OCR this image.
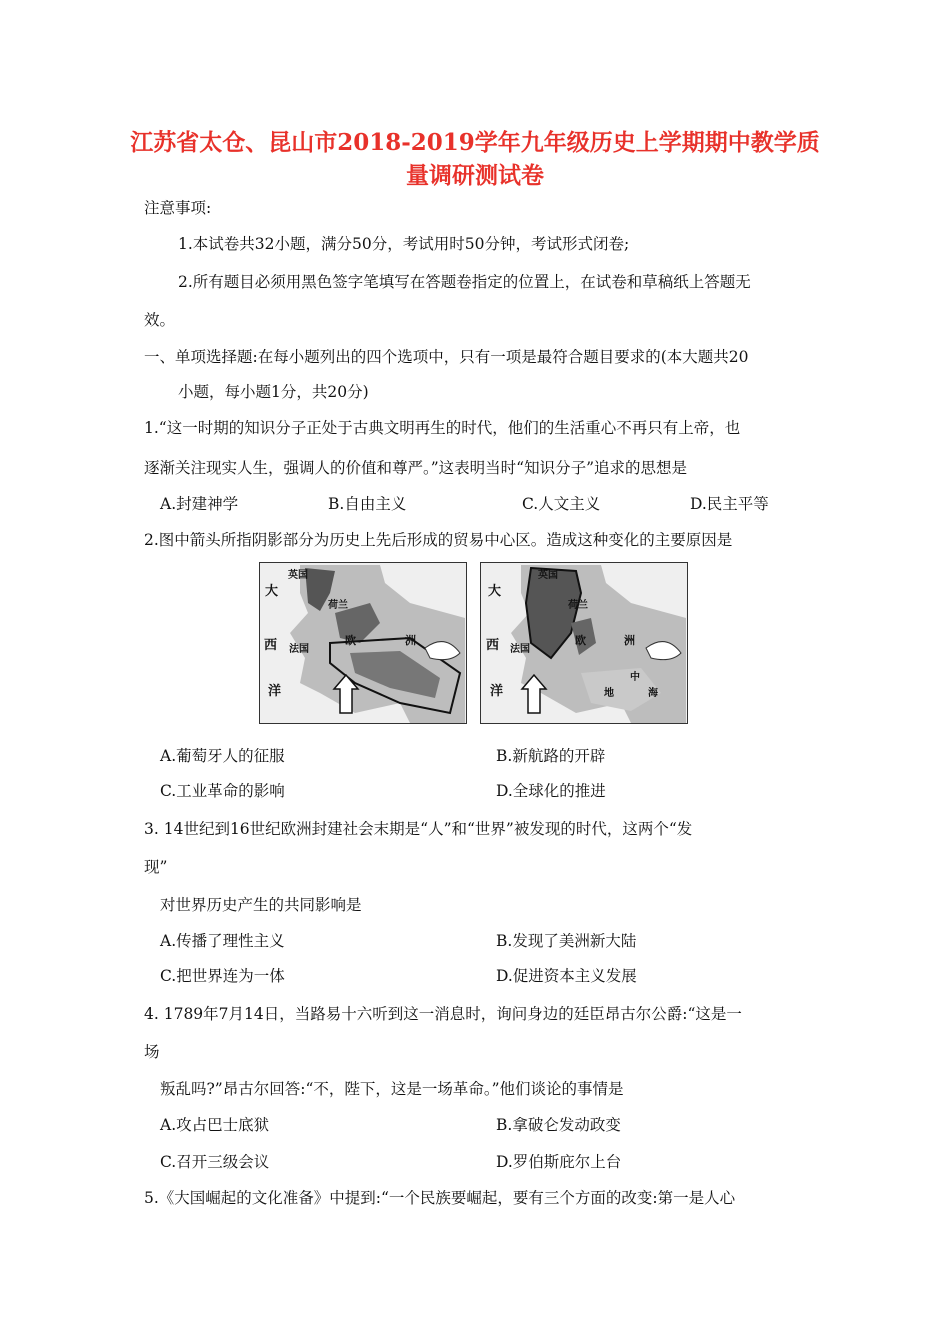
江苏省太仓、昆山市2018-2019学年九年级历史上学期期中教学质
量调研测试卷
注意事项:
1.本试卷共32小题，满分50分，考试用时50分钟，考试形式闭卷;
2.所有题目必须用黑色签字笔填写在答题卷指定的位置上，在试卷和草稿纸上答题无
效。
一、单项选择题:在每小题列出的四个选项中，只有一项是最符合题目要求的(本大题共20
小题，每小题1分，共20分)
1.“这一时期的知识分子正处于古典文明再生的时代，他们的生活重心不再只有上帝，也
逐渐关注现实人生，强调人的价值和尊严。”这表明当时“知识分子”追求的思想是
A.封建神学	B.自由主义	C.人文主义	D.民主平等
2.图中箭头所指阴影部分为历史上先后形成的贸易中心区。造成这种变化的主要原因是
英国
大
荷兰
西 法国
欧	洲
洋
英国
大
荷兰
西 法国
欧	洲
洋	地
中
海
A.葡萄牙人的征服	B.新航路的开辟
C.工业革命的影响	D.全球化的推进
3. 14世纪到16世纪欧洲封建社会末期是“人”和“世界”被发现的时代，这两个“发
现”
对世界历史产生的共同影响是
A.传播了理性主义	B.发现了美洲新大陆
C.把世界连为一体	D.促进资本主义发展
4. 1789年7月14日，当路易十六听到这一消息时，询问身边的廷臣昂古尔公爵:“这是一
场
叛乱吗?”昂古尔回答:“不，陛下，这是一场革命。”他们谈论的事情是
A.攻占巴士底狱	B.拿破仑发动政变
C.召开三级会议	D.罗伯斯庇尔上台
5.《大国崛起的文化准备》中提到:“一个民族要崛起，要有三个方面的改变:第一是人心
